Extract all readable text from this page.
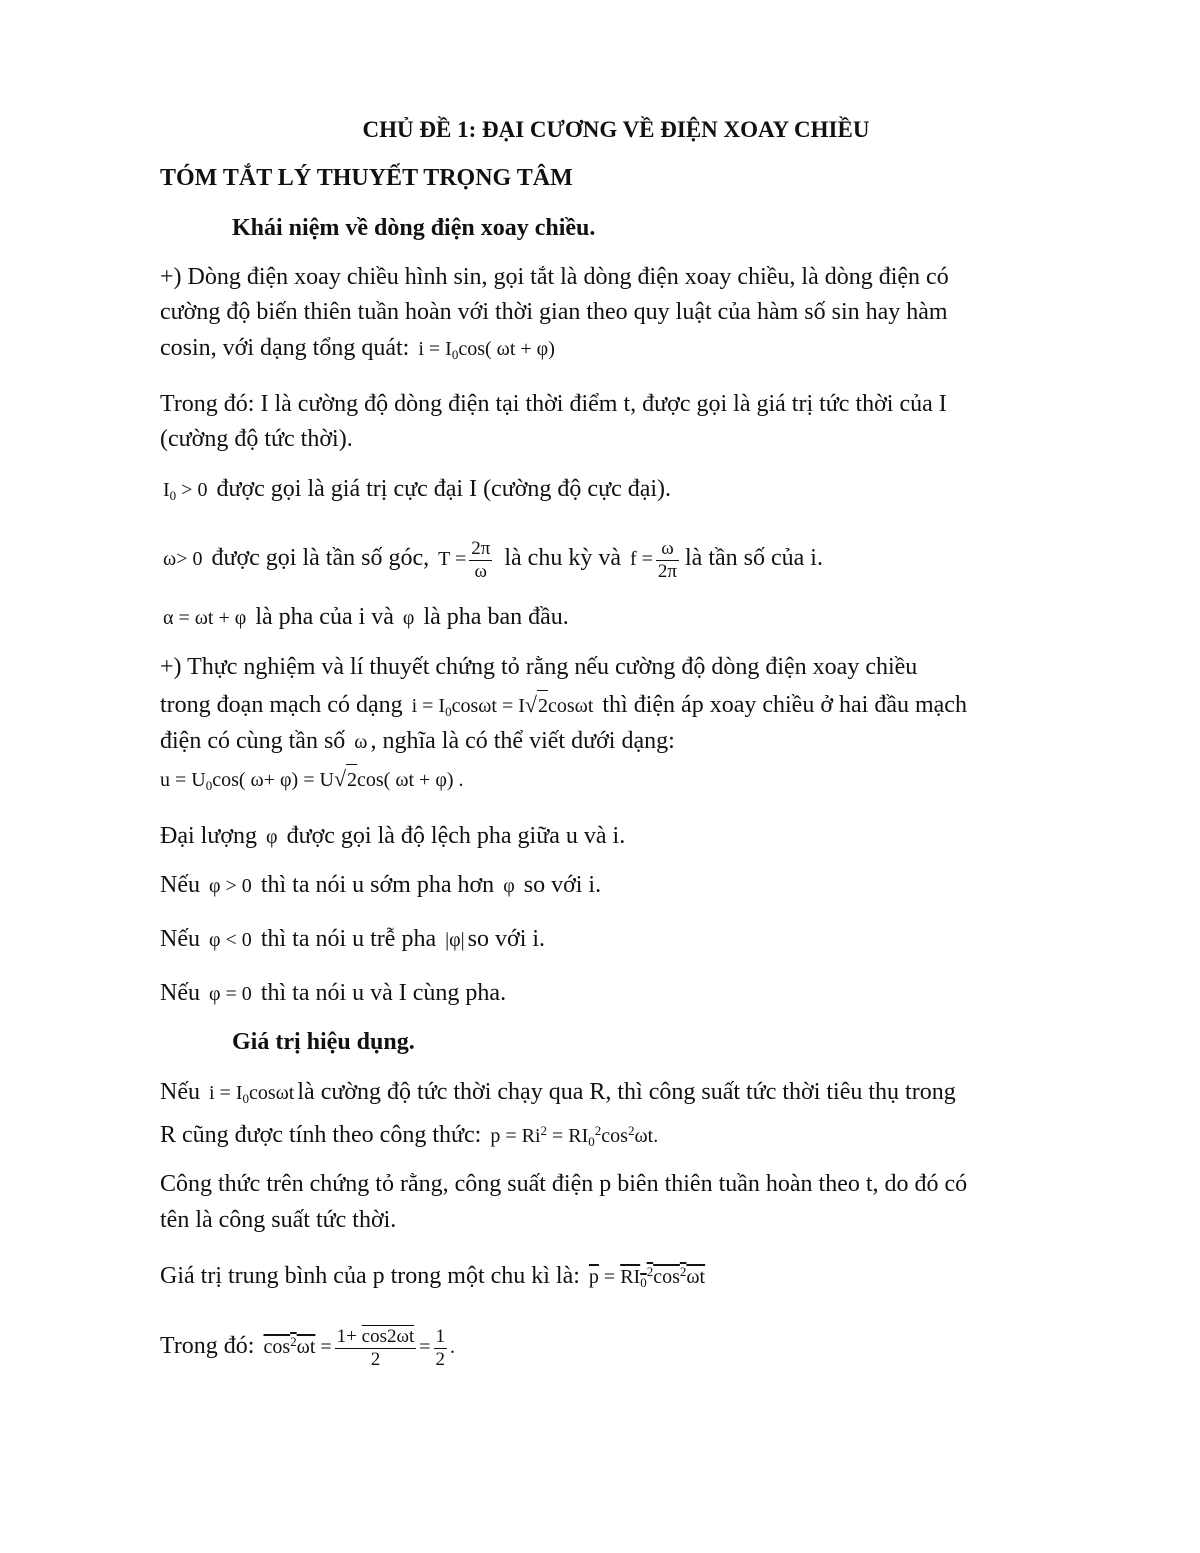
CHỦ ĐỀ 1: ĐẠI CƯƠNG VỀ ĐIỆN XOAY CHIỀU
TÓM TẮT LÝ THUYẾT TRỌNG TÂM
Khái niệm về dòng điện xoay chiều.
+) Dòng điện xoay chiều hình sin, gọi tắt là dòng điện xoay chiều, là dòng điện có
cường độ biến thiên tuần hoàn với thời gian theo quy luật của hàm số sin hay hàm
cosin, với dạng tổng quát: $i = I_0\cos$( ωt + φ)
Trong đó: I là cường độ dòng điện tại thời điểm t, được gọi là giá trị tức thời của I
(cường độ tức thời).
$I_0 > 0$ được gọi là giá trị cực đại I (cường độ cực đại).
ω> 0 được gọi là tần số góc, $T = \frac{2\pi}{\omega}$ là chu kỳ và $f = \frac{\omega}{2\pi}$ là tần số của i.
α = ωt + φ là pha của i và φ là pha ban đầu.
+) Thực nghiệm và lí thuyết chứng tỏ rằng nếu cường độ dòng điện xoay chiều
trong đoạn mạch có dạng $i = I_0\cos\omega t = I√2\cos\omega t$ thì điện áp xoay chiều ở hai đầu mạch
điện có cùng tần số ω , nghĩa là có thể viết dưới dạng:
$u = U_0\cos$( ω+ φ) = U√2cos( ωt + φ) .
Đại lượng φ được gọi là độ lệch pha giữa u và i.
Nếu φ > 0 thì ta nói u sớm pha hơn φ so với i.
Nếu φ < 0 thì ta nói u trễ pha |φ| so với i.
Nếu φ = 0 thì ta nói u và I cùng pha.
Giá trị hiệu dụng.
Nếu $i = I_0\cos\omega t$ là cường độ tức thời chạy qua R, thì công suất tức thời tiêu thụ trong
R cũng được tính theo công thức: $p = Ri^2 = RI_0^2\cos^2\omega t$.
Công thức trên chứng tỏ rằng, công suất điện p biên thiên tuần hoàn theo t, do đó có
tên là công suất tức thời.
Giá trị trung bình của p trong một chu kì là: $\overline{p} = RI_0^2\cos^2\omega t$
Trong đó: $\cos^2\omega t = \frac{1+ \cos 2\omega t}{2} = \frac{1}{2}$ .
